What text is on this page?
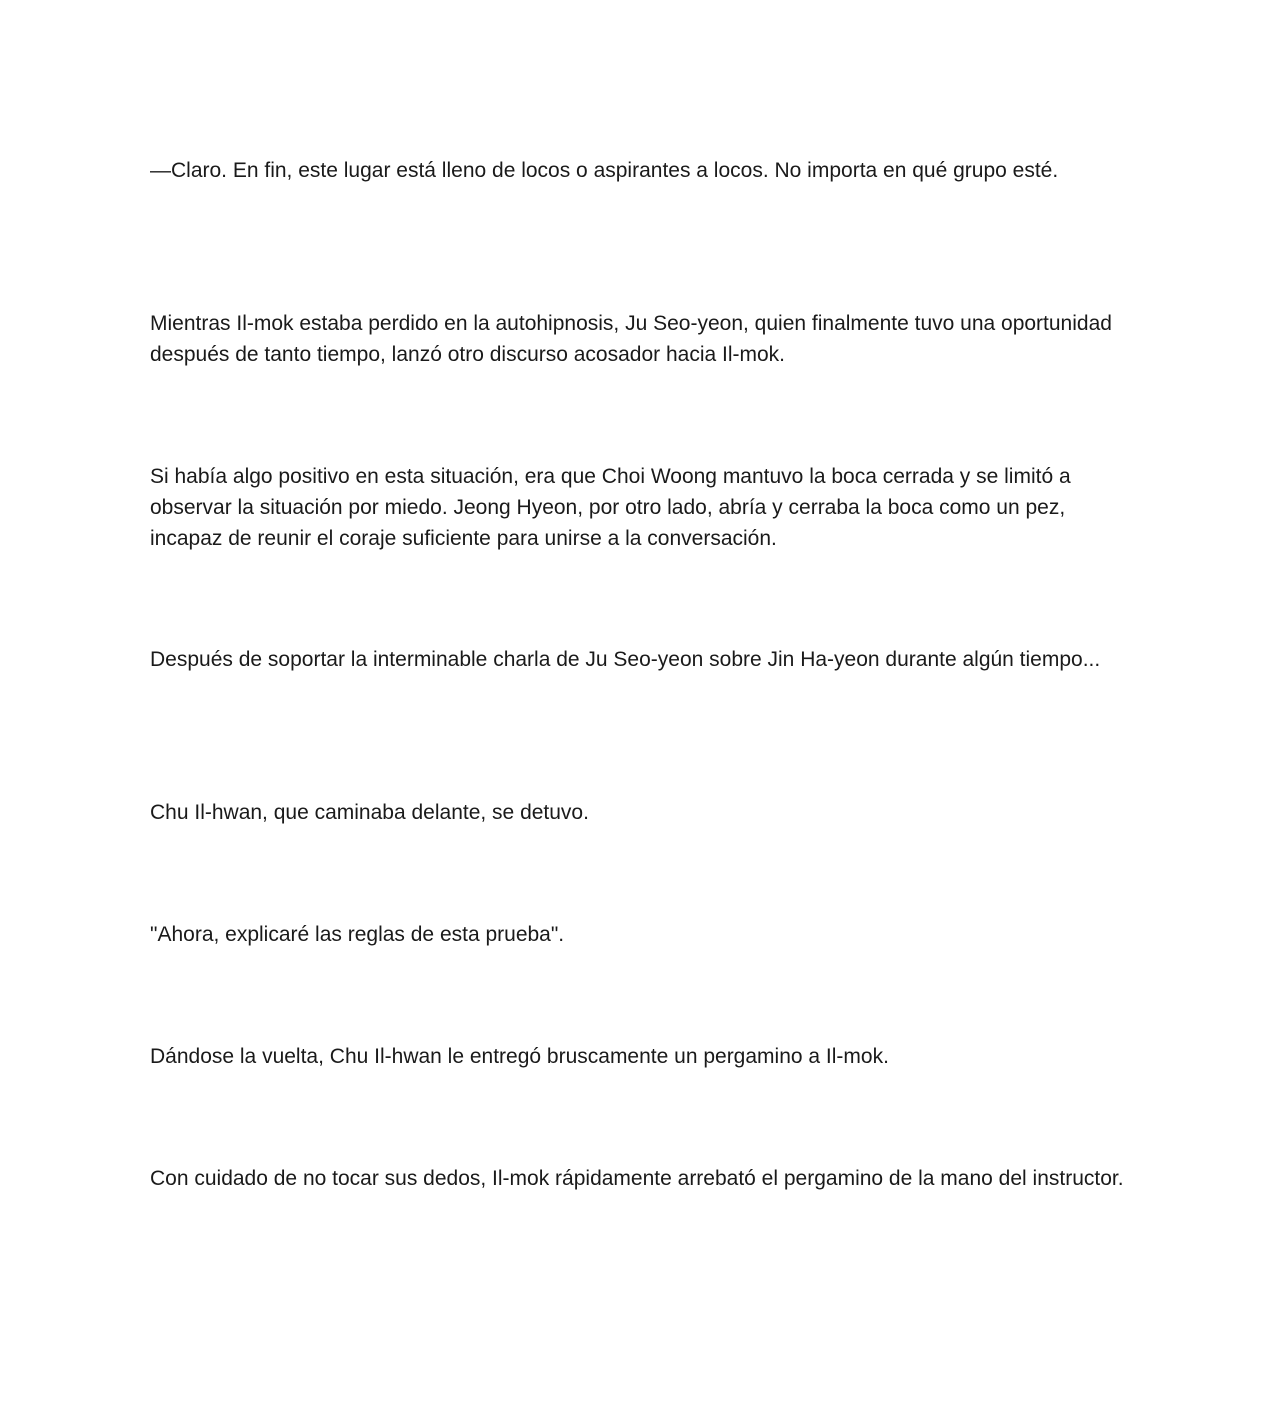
—Claro. En fin, este lugar está lleno de locos o aspirantes a locos. No importa en qué grupo esté.

Mientras Il-mok estaba perdido en la autohipnosis, Ju Seo-yeon, quien finalmente tuvo una oportunidad después de tanto tiempo, lanzó otro discurso acosador hacia Il-mok.

Si había algo positivo en esta situación, era que Choi Woong mantuvo la boca cerrada y se limitó a observar la situación por miedo. Jeong Hyeon, por otro lado, abría y cerraba la boca como un pez, incapaz de reunir el coraje suficiente para unirse a la conversación.

Después de soportar la interminable charla de Ju Seo-yeon sobre Jin Ha-yeon durante algún tiempo...

Chu Il-hwan, que caminaba delante, se detuvo.

"Ahora, explicaré las reglas de esta prueba".

Dándose la vuelta, Chu Il-hwan le entregó bruscamente un pergamino a Il-mok.

Con cuidado de no tocar sus dedos, Il-mok rápidamente arrebató el pergamino de la mano del instructor.
